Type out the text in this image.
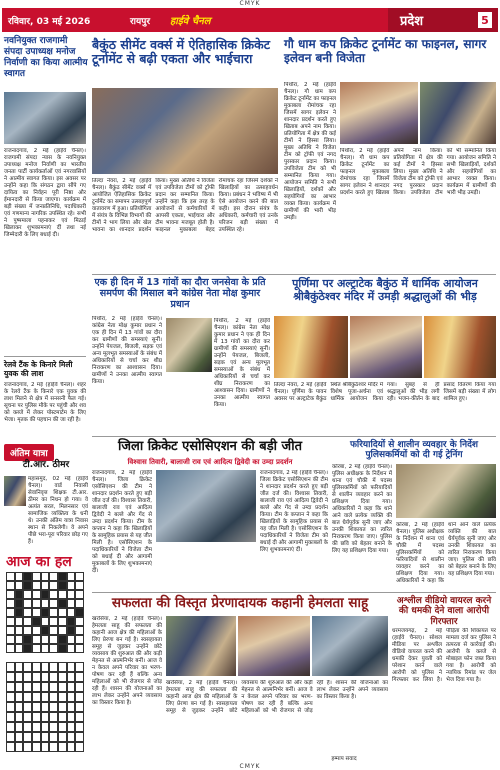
CMYK
रविवार, 03 मई 2026	रायपुर	हाईवे चैनल	प्रदेश	5
नवनियुक्त राजगामी संपदा उपाध्यक्ष मनोज निर्वाणी का किया आत्मीय स्वागत
राजनांदगांव, 2 मई (हाईवे चैनल)। राजगामी संपदा न्यास के नवनियुक्त उपाध्यक्ष मनोज निर्वाणी का भारतीय जनता पार्टी कार्यकर्ताओं एवं नगरवासियों ने आत्मीय स्वागत किया। इस अवसर पर उन्होंने कहा कि संगठन द्वारा सौंपे गए दायित्व का निर्वहन पूरी निष्ठा और ईमानदारी से किया जाएगा। कार्यक्रम में बड़ी संख्या में जनप्रतिनिधि, पदाधिकारी एवं गणमान्य नागरिक उपस्थित रहे। सभी ने पुष्पमाला पहनाकर एवं मिठाई खिलाकर शुभकामनाएं दीं तथा नई जिम्मेदारी के लिए बधाई दी।
रेलवे टैंक के किनारे मिली युवक की लाश
राजनांदगांव, 2 मई (हाईवे चैनल)। शहर के रेलवे टैंक के किनारे एक युवक की लाश मिलने से क्षेत्र में सनसनी फैल गई। सूचना पर पुलिस मौके पर पहुंची और शव को कब्जे में लेकर पोस्टमार्टम के लिए भेजा। मृतक की पहचान की जा रही है।
अंतिम यात्रा
टी.आर. ठीमर
महासमुंद, 02 मई (हाईवे चैनल)। वार्ड निवासी सेवानिवृत्त शिक्षक टी.आर. ठीमर का निधन हो गया। वे अत्यंत सरल, मिलनसार एवं सामाजिक व्यक्तित्व के धनी थे। उनकी अंतिम यात्रा निवास स्थान से निकलेगी। वे अपने पीछे भरा-पूरा परिवार छोड़ गए हैं।
आज का हल
बैकुंठ सीमेंट वर्क्स में ऐतिहासिक क्रिकेट टूर्नामेंट से बढ़ी एकता और भाईचारा
तिल्दा नेवरा, 2 मई (हाईवे चैनल)। बैकुंठ सीमेंट वर्क्स में आयोजित ऐतिहासिक क्रिकेट टूर्नामेंट का समापन उत्साहपूर्ण वातावरण में हुआ। प्रतियोगिता में संयंत्र के विभिन्न विभागों की टीमों ने भाग लिया और खेल भावना का शानदार प्रदर्शन किया। मुख्य अतिथि ने विजेता एवं उपविजेता टीमों को ट्रॉफी प्रदान कर सम्मानित किया। उन्होंने कहा कि इस तरह के आयोजनों से कर्मचारियों में आपसी एकता, भाईचारा और टीम भावना मजबूत होती है। फाइनल मुकाबला बेहद रोमांचक रहा जिसमें दर्शकों ने खिलाड़ियों का उत्साहवर्धन किया। प्रबंधन ने भविष्य में भी ऐसे आयोजन करने की बात कही। इस दौरान संयंत्र के अधिकारी, कर्मचारी एवं उनके परिजन बड़ी संख्या में उपस्थित रहे।
गौ धाम कप क्रिकेट टूर्नामेंट का फाइनल, सागर इलेवन बनी विजेता
पिथौरा, 2 मई (हाईवे चैनल)। गौ धाम कप क्रिकेट टूर्नामेंट का फाइनल मुकाबला रोमांचक रहा जिसमें सागर इलेवन ने शानदार प्रदर्शन करते हुए खिताब अपने नाम किया। प्रतियोगिता में क्षेत्र की कई टीमों ने हिस्सा लिया। मुख्य अतिथि ने विजेता टीम को ट्रॉफी एवं नगद पुरस्कार प्रदान किया। उपविजेता टीम को भी सम्मानित किया गया। आयोजन समिति ने सभी खिलाड़ियों, दर्शकों और सहयोगियों का आभार व्यक्त किया। कार्यक्रम में ग्रामीणों की भारी भीड़ उमड़ी।
पिथौरा, 2 मई (हाईवे चैनल)। गौ धाम कप क्रिकेट टूर्नामेंट का फाइनल मुकाबला रोमांचक रहा जिसमें सागर इलेवन ने शानदार प्रदर्शन करते हुए खिताब अपने नाम किया। प्रतियोगिता में क्षेत्र की कई टीमों ने हिस्सा लिया। मुख्य अतिथि ने विजेता टीम को ट्रॉफी एवं नगद पुरस्कार प्रदान किया। उपविजेता टीम को भी सम्मानित किया गया। आयोजन समिति ने सभी खिलाड़ियों, दर्शकों और सहयोगियों का आभार व्यक्त किया। कार्यक्रम में ग्रामीणों की भारी भीड़ उमड़ी।
एक ही दिन में 13 गांवों का दौरा जनसेवा के प्रति समर्पण की मिसाल बने कांग्रेस नेता मोक्ष कुमार प्रधान
पिथौरा, 2 मई (हाईवे चैनल)। कांग्रेस नेता मोक्ष कुमार प्रधान ने एक ही दिन में 13 गांवों का दौरा कर ग्रामीणों की समस्याएं सुनीं। उन्होंने पेयजल, बिजली, सड़क एवं अन्य मूलभूत समस्याओं के संबंध में अधिकारियों से चर्चा कर शीघ्र निराकरण का आश्वासन दिया। ग्रामीणों ने उनका आत्मीय स्वागत किया।
पिथौरा, 2 मई (हाईवे चैनल)। कांग्रेस नेता मोक्ष कुमार प्रधान ने एक ही दिन में 13 गांवों का दौरा कर ग्रामीणों की समस्याएं सुनीं। उन्होंने पेयजल, बिजली, सड़क एवं अन्य मूलभूत समस्याओं के संबंध में अधिकारियों से चर्चा कर शीघ्र निराकरण का आश्वासन दिया। ग्रामीणों ने उनका आत्मीय स्वागत किया।
पूर्णिमा पर अल्ट्राटेक बैकुंठ में धार्मिक आयोजन श्रीबैकुंठेश्वर मंदिर में उमड़ी श्रद्धालुओं की भीड़
तिल्दा नेवरा, 2 मई (हाईवे चैनल)। पूर्णिमा के पावन अवसर पर अल्ट्राटेक बैकुंठ स्थित श्रीबैकुंठेश्वर मंदिर में विशेष पूजा-अर्चना एवं धार्मिक आयोजन किया गया। सुबह से ही श्रद्धालुओं की भीड़ लगी रही। भजन-कीर्तन के बाद प्रसाद वितरण किया गया जिसमें बड़ी संख्या में लोग शामिल हुए।
जिला क्रिकेट एसोसिएशन की बड़ी जीत
विश्वास तिवारी, बालाजी राव एवं आदित्य द्विवेदी का उम्दा प्रदर्शन
राजनांदगांव, 2 मई (हाईवे चैनल)। जिला क्रिकेट एसोसिएशन की टीम ने शानदार प्रदर्शन करते हुए बड़ी जीत दर्ज की। विश्वास तिवारी, बालाजी राव एवं आदित्य द्विवेदी ने बल्ले और गेंद से उम्दा प्रदर्शन किया। टीम के कप्तान ने कहा कि खिलाड़ियों के सामूहिक प्रयास से यह जीत मिली है। एसोसिएशन के पदाधिकारियों ने विजेता टीम को बधाई दी और आगामी मुकाबलों के लिए शुभकामनाएं दीं।
राजनांदगांव, 2 मई (हाईवे चैनल)। जिला क्रिकेट एसोसिएशन की टीम ने शानदार प्रदर्शन करते हुए बड़ी जीत दर्ज की। विश्वास तिवारी, बालाजी राव एवं आदित्य द्विवेदी ने बल्ले और गेंद से उम्दा प्रदर्शन किया। टीम के कप्तान ने कहा कि खिलाड़ियों के सामूहिक प्रयास से यह जीत मिली है। एसोसिएशन के पदाधिकारियों ने विजेता टीम को बधाई दी और आगामी मुकाबलों के लिए शुभकामनाएं दीं।
फरियादियों से शालीन व्यवहार के निर्देश पुलिसकर्मियों को दी गई ट्रेनिंग
कोरबा, 2 मई (हाईवे चैनल)। पुलिस अधीक्षक के निर्देशन में थाना एवं चौकी में पदस्थ पुलिसकर्मियों को फरियादियों से शालीन व्यवहार करने का प्रशिक्षण दिया गया। अधिकारियों ने कहा कि थाने आने वाले प्रत्येक व्यक्ति की बात धैर्यपूर्वक सुनी जाए और उनकी शिकायत का त्वरित निराकरण किया जाए। पुलिस की छवि को बेहतर बनाने के लिए यह प्रशिक्षण दिया गया।
कोरबा, 2 मई (हाईवे चैनल)। पुलिस अधीक्षक के निर्देशन में थाना एवं चौकी में पदस्थ पुलिसकर्मियों को फरियादियों से शालीन व्यवहार करने का प्रशिक्षण दिया गया। अधिकारियों ने कहा कि थाने आने वाले प्रत्येक व्यक्ति की बात धैर्यपूर्वक सुनी जाए और उनकी शिकायत का त्वरित निराकरण किया जाए। पुलिस की छवि को बेहतर बनाने के लिए यह प्रशिक्षण दिया गया।
सफलता की विस्तृत प्रेरणादायक कहानी हेमलता साहू
खरसिया, 2 मई (हाईवे चैनल)। हेमलता साहू की सफलता की कहानी आज क्षेत्र की महिलाओं के लिए प्रेरणा बन गई है। स्वसहायता समूह से जुड़कर उन्होंने छोटे व्यवसाय की शुरुआत की और कड़ी मेहनत से आत्मनिर्भर बनीं। आज वे न केवल अपने परिवार का भरण-पोषण कर रही हैं बल्कि अन्य महिलाओं को भी रोजगार से जोड़ रही हैं। शासन की योजनाओं का लाभ लेकर उन्होंने अपने व्यवसाय का विस्तार किया है।
खरसिया, 2 मई (हाईवे चैनल)। हेमलता साहू की सफलता की कहानी आज क्षेत्र की महिलाओं के लिए प्रेरणा बन गई है। स्वसहायता समूह से जुड़कर उन्होंने छोटे व्यवसाय की शुरुआत की और कड़ी मेहनत से आत्मनिर्भर बनीं। आज वे न केवल अपने परिवार का भरण-पोषण कर रही हैं बल्कि अन्य महिलाओं को भी रोजगार से जोड़ रही हैं। शासन की योजनाओं का लाभ लेकर उन्होंने अपने व्यवसाय का विस्तार किया है।
हम्माप संवाद
अश्लील वीडियो वायरल करने की धमकी देने वाला आरोपी गिरफ्तार
धरमजयगढ़, 2 मई (हाईवे चैनल)। सोशल मीडिया पर अश्लील वीडियो वायरल करने की धमकी देकर युवती को परेशान करने वाले आरोपी को पुलिस ने गिरफ्तार कर लिया है। पीड़िता की शिकायत पर मामला दर्ज कर पुलिस ने तत्परता से कार्रवाई की। आरोपी के कब्जे से मोबाइल फोन जब्त किया गया है। आरोपी को न्यायिक रिमांड पर जेल भेज दिया गया है।
CMYK
